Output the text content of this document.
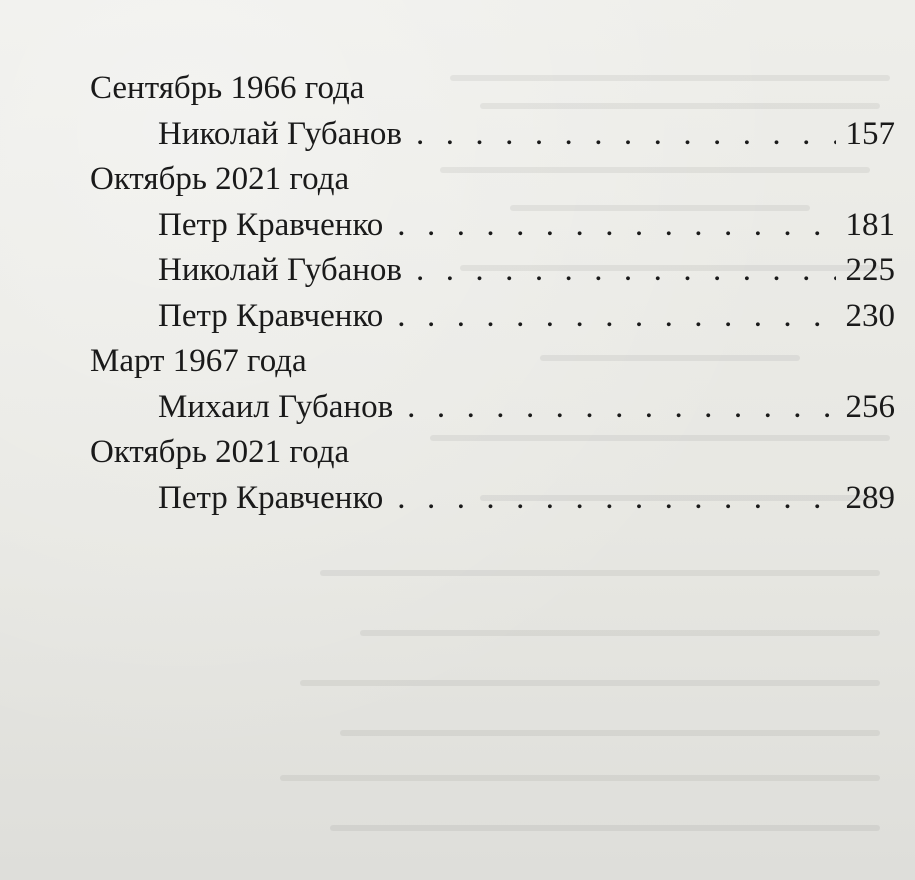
Сентябрь 1966 года
Николай Губанов . . .	157
Октябрь 2021 года
Петр Кравченко . . .	181
Николай Губанов . . .	225
Петр Кравченко . . .	230
Март 1967 года
Михаил Губанов . . .	256
Октябрь 2021 года
Петр Кравченко . . .	289
